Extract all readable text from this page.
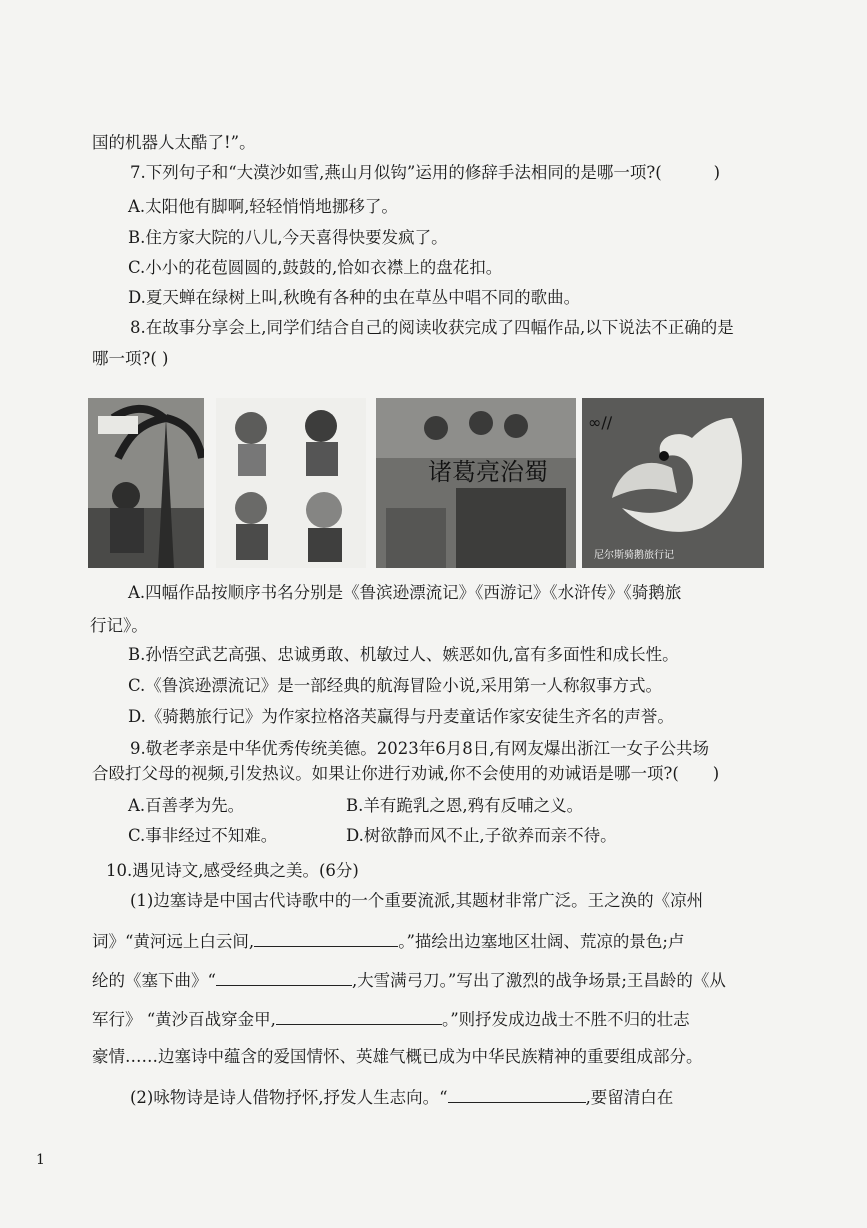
国的机器人太酷了!”。
7.下列句子和“大漠沙如雪,燕山月似钩”运用的修辞手法相同的是哪一项?(	)
A.太阳他有脚啊,轻轻悄悄地挪移了。
B.住方家大院的八儿,今天喜得快要发疯了。
C.小小的花苞圆圆的,鼓鼓的,恰如衣襟上的盘花扣。
D.夏天蝉在绿树上叫,秋晚有各种的虫在草丛中唱不同的歌曲。
8.在故事分享会上,同学们结合自己的阅读收获完成了四幅作品,以下说法不正确的是
哪一项?( )
诸葛亮治蜀
∞∕∕
尼尔斯骑鹅旅行记
A.四幅作品按顺序书名分别是《鲁滨逊漂流记》《西游记》《水浒传》《骑鹅旅
行记》。
B.孙悟空武艺高强、忠诚勇敢、机敏过人、嫉恶如仇,富有多面性和成长性。
C.《鲁滨逊漂流记》是一部经典的航海冒险小说,采用第一人称叙事方式。
D.《骑鹅旅行记》为作家拉格洛芙赢得与丹麦童话作家安徒生齐名的声誉。
9.敬老孝亲是中华优秀传统美德。2023年6月8日,有网友爆出浙江一女子公共场
合殴打父母的视频,引发热议。如果让你进行劝诫,你不会使用的劝诫语是哪一项?( )
A.百善孝为先。	B.羊有跪乳之恩,鸦有反哺之义。
C.事非经过不知难。	D.树欲静而风不止,子欲养而亲不待。
10.遇见诗文,感受经典之美。(6分)
(1)边塞诗是中国古代诗歌中的一个重要流派,其题材非常广泛。王之涣的《凉州
词》“黄河远上白云间,	。”描绘出边塞地区壮阔、荒凉的景色;卢
纶的《塞下曲》“	,大雪满弓刀。”写出了激烈的战争场景;王昌龄的《从
军行》 “黄沙百战穿金甲,	。”则抒发成边战士不胜不归的壮志
豪情……边塞诗中蕴含的爱国情怀、英雄气概已成为中华民族精神的重要组成部分。
(2)咏物诗是诗人借物抒怀,抒发人生志向。“	,要留清白在
1
